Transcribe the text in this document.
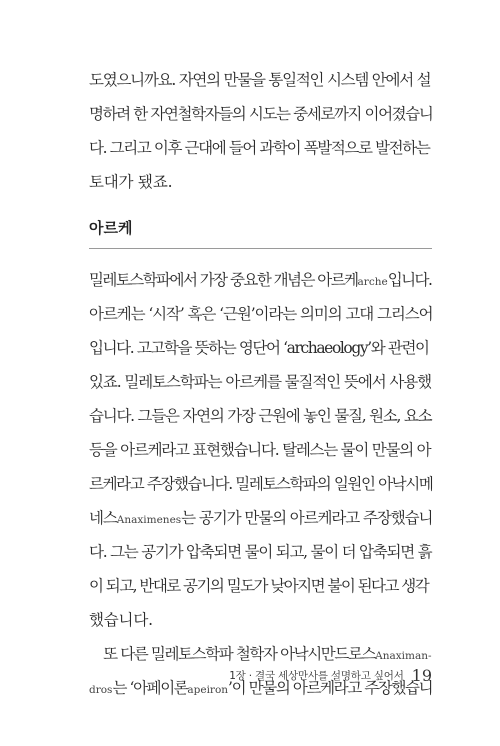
도였으니까요. 자연의 만물을 통일적인 시스템 안에서 설
명하려 한 자연철학자들의 시도는 중세로까지 이어졌습니
다. 그리고 이후 근대에 들어 과학이 폭발적으로 발전하는
토대가 됐죠.
아르케
밀레토스학파에서 가장 중요한 개념은 아르케arche입니다.
아르케는 ‘시작’ 혹은 ‘근원’이라는 의미의 고대 그리스어
입니다. 고고학을 뜻하는 영단어 ‘archaeology’와 관련이
있죠. 밀레토스학파는 아르케를 물질적인 뜻에서 사용했
습니다. 그들은 자연의 가장 근원에 놓인 물질, 원소, 요소
등을 아르케라고 표현했습니다. 탈레스는 물이 만물의 아
르케라고 주장했습니다. 밀레토스학파의 일원인 아낙시메
네스Anaximenes는 공기가 만물의 아르케라고 주장했습니
다. 그는 공기가 압축되면 물이 되고, 물이 더 압축되면 흙
이 되고, 반대로 공기의 밀도가 낮아지면 불이 된다고 생각
했습니다.
　또 다른 밀레토스학파 철학자 아낙시만드로스Anaximan-
dros는 ‘아페이론apeiron’이 만물의 아르케라고 주장했습니
1장 · 결국 세상만사를 설명하고 싶어서 19
